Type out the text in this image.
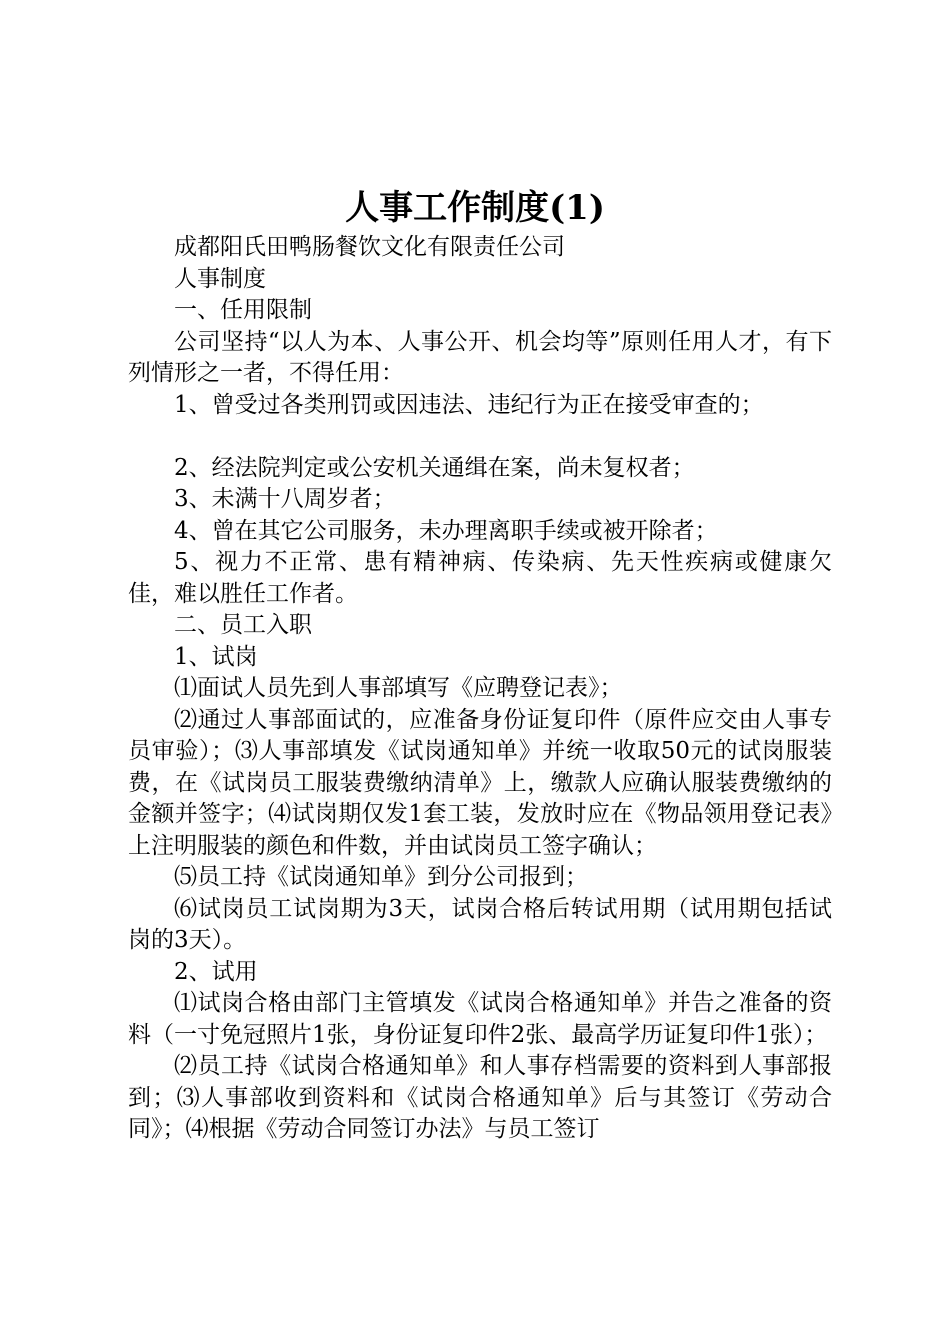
人事工作制度(1)

成都阳氏田鸭肠餐饮文化有限责任公司

人事制度

一、任用限制

公司坚持“以人为本、人事公开、机会均等”原则任用人才，有下列情形之一者，不得任用：

1、曾受过各类刑罚或因违法、违纪行为正在接受审查的；

2、经法院判定或公安机关通缉在案，尚未复权者；

3、未满十八周岁者；

4、曾在其它公司服务，未办理离职手续或被开除者；

5、视力不正常、患有精神病、传染病、先天性疾病或健康欠佳，难以胜任工作者。

二、员工入职

1、试岗

⑴面试人员先到人事部填写《应聘登记表》；

⑵通过人事部面试的，应准备身份证复印件（原件应交由人事专员审验）；⑶人事部填发《试岗通知单》并统一收取50元的试岗服装费，在《试岗员工服装费缴纳清单》上，缴款人应确认服装费缴纳的金额并签字；⑷试岗期仅发1套工装，发放时应在《物品领用登记表》上注明服装的颜色和件数，并由试岗员工签字确认；

⑸员工持《试岗通知单》到分公司报到；

⑹试岗员工试岗期为3天，试岗合格后转试用期（试用期包括试岗的3天）。

2、试用

⑴试岗合格由部门主管填发《试岗合格通知单》并告之准备的资料（一寸免冠照片1张，身份证复印件2张、最高学历证复印件1张）；

⑵员工持《试岗合格通知单》和人事存档需要的资料到人事部报到；⑶人事部收到资料和《试岗合格通知单》后与其签订《劳动合同》；⑷根据《劳动合同签订办法》与员工签订
